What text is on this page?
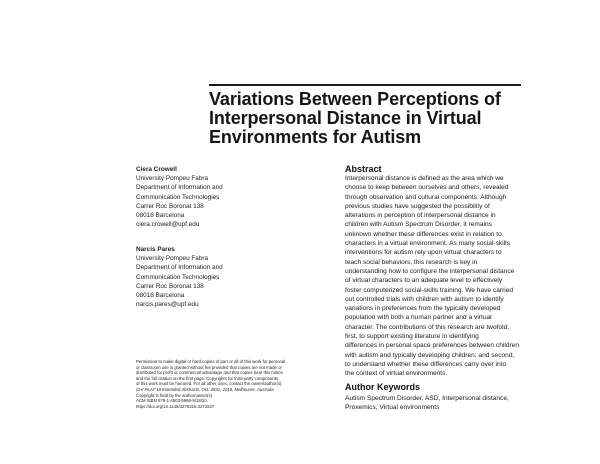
Variations Between Perceptions of
Interpersonal Distance in Virtual
Environments for Autism
Ciera Crowell
University Pompeu Fabra
Department of Information and
Communication Technologies
Carrer Roc Boronat 138
08018 Barcelona
ciera.crowell@upf.edu
Narcis Pares
University Pompeu Fabra
Department of Information and
Communication Technologies
Carrer Roc Boronat 138
08018 Barcelona
narcis.pares@upf.edu
Permission to make digital or hard copies of part or all of this work for personal
or classroom use is granted without fee provided that copies are not made or
distributed for profit or commercial advantage and that copies bear this notice
and the full citation on the first page. Copyrights for third-party components
of this work must be honored. For all other uses, contact the owner/author(s).
CHI PLAY'18 Extended Abstracts, Oct. 2831, 2018, Melbourne, Australia
Copyright is held by the author/owner(s).
ACM ISBN 978-1-4503-5968-9/18/10.
https://doi.org/10.1145/3270316.3271537
Abstract
Interpersonal distance is defined as the area which we
choose to keep between ourselves and others, revealed
through observation and cultural components. Although
previous studies have suggested the possibility of
alterations in perception of interpersonal distance in
children with Autism Spectrum Disorder, it remains
unknown whether these differences exist in relation to
characters in a virtual environment. As many social-skills
interventions for autism rely upon virtual characters to
teach social behaviors, this research is key in
understanding how to configure the interpersonal distance
of virtual characters to an adequate level to effectively
foster computerized social-skills training. We have carried
out controlled trials with children with autism to identify
variations in preferences from the typically developed
population with both a human partner and a virtual
character. The contributions of this research are twofold:
first, to support existing literature in identifying
differences in personal space preferences between children
with autism and typically developing children; and second,
to understand whether these differences carry over into
the context of virtual environments.
Author Keywords
Autism Spectrum Disorder, ASD, Interpersonal distance,
Proxemics, Virtual environments
